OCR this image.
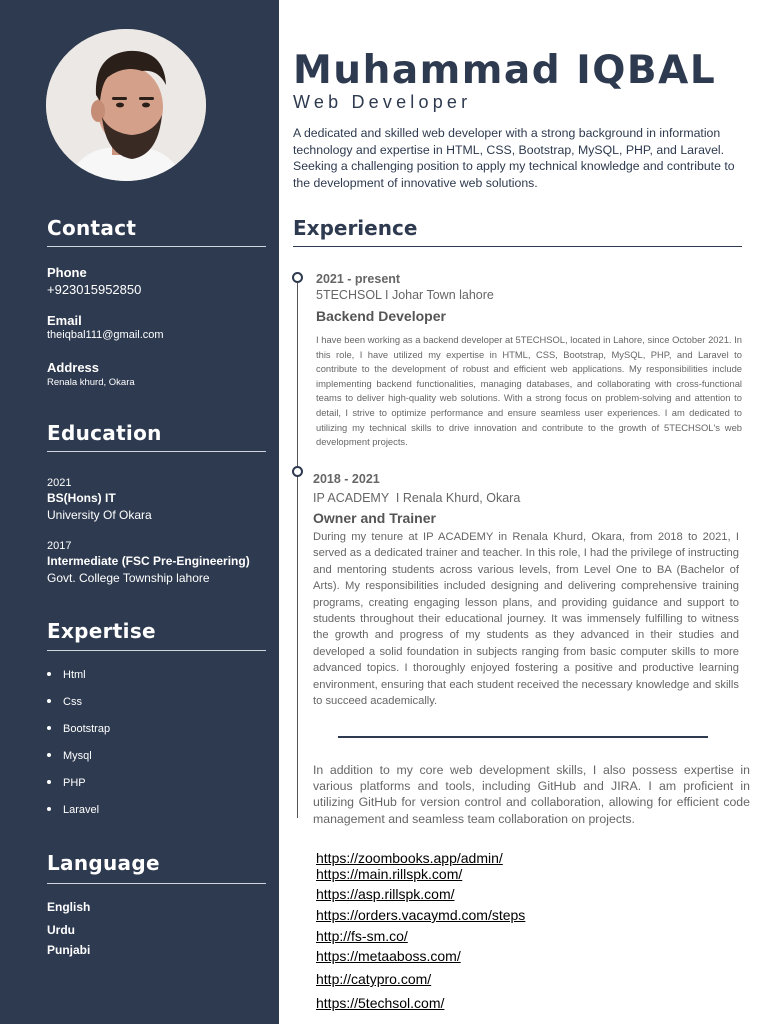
Contact
Phone
+923015952850
Email
theiqbal111@gmail.com
Address
Renala khurd, Okara
Education
2021
BS(Hons) IT
University Of Okara
2017
Intermediate (FSC Pre-Engineering)
Govt. College Township lahore
Expertise
Html
Css
Bootstrap
Mysql
PHP
Laravel
Language
English
Urdu
Punjabi
Muhammad IQBAL
Web Developer
A dedicated and skilled web developer with a strong background in information technology and expertise in HTML, CSS, Bootstrap, MySQL, PHP, and Laravel. Seeking a challenging position to apply my technical knowledge and contribute to the development of innovative web solutions.
Experience
2021 - present
5TECHSOL I Johar Town lahore
Backend Developer
I have been working as a backend developer at 5TECHSOL, located in Lahore, since October 2021. In this role, I have utilized my expertise in HTML, CSS, Bootstrap, MySQL, PHP, and Laravel to contribute to the development of robust and efficient web applications. My responsibilities include implementing backend functionalities, managing databases, and collaborating with cross-functional teams to deliver high-quality web solutions. With a strong focus on problem-solving and attention to detail, I strive to optimize performance and ensure seamless user experiences. I am dedicated to utilizing my technical skills to drive innovation and contribute to the growth of 5TECHSOL's web development projects.
2018 - 2021
IP ACADEMY  I Renala Khurd, Okara
Owner and Trainer
During my tenure at IP ACADEMY in Renala Khurd, Okara, from 2018 to 2021, I served as a dedicated trainer and teacher. In this role, I had the privilege of instructing and mentoring students across various levels, from Level One to BA (Bachelor of Arts). My responsibilities included designing and delivering comprehensive training programs, creating engaging lesson plans, and providing guidance and support to students throughout their educational journey. It was immensely fulfilling to witness the growth and progress of my students as they advanced in their studies and developed a solid foundation in subjects ranging from basic computer skills to more advanced topics. I thoroughly enjoyed fostering a positive and productive learning environment, ensuring that each student received the necessary knowledge and skills to succeed academically.
In addition to my core web development skills, I also possess expertise in various platforms and tools, including GitHub and JIRA. I am proficient in utilizing GitHub for version control and collaboration, allowing for efficient code management and seamless team collaboration on projects.
https://zoombooks.app/admin/
https://main.rillspk.com/
https://asp.rillspk.com/
https://orders.vacaymd.com/steps
http://fs-sm.co/
https://metaaboss.com/
http://catypro.com/
https://5techsol.com/
